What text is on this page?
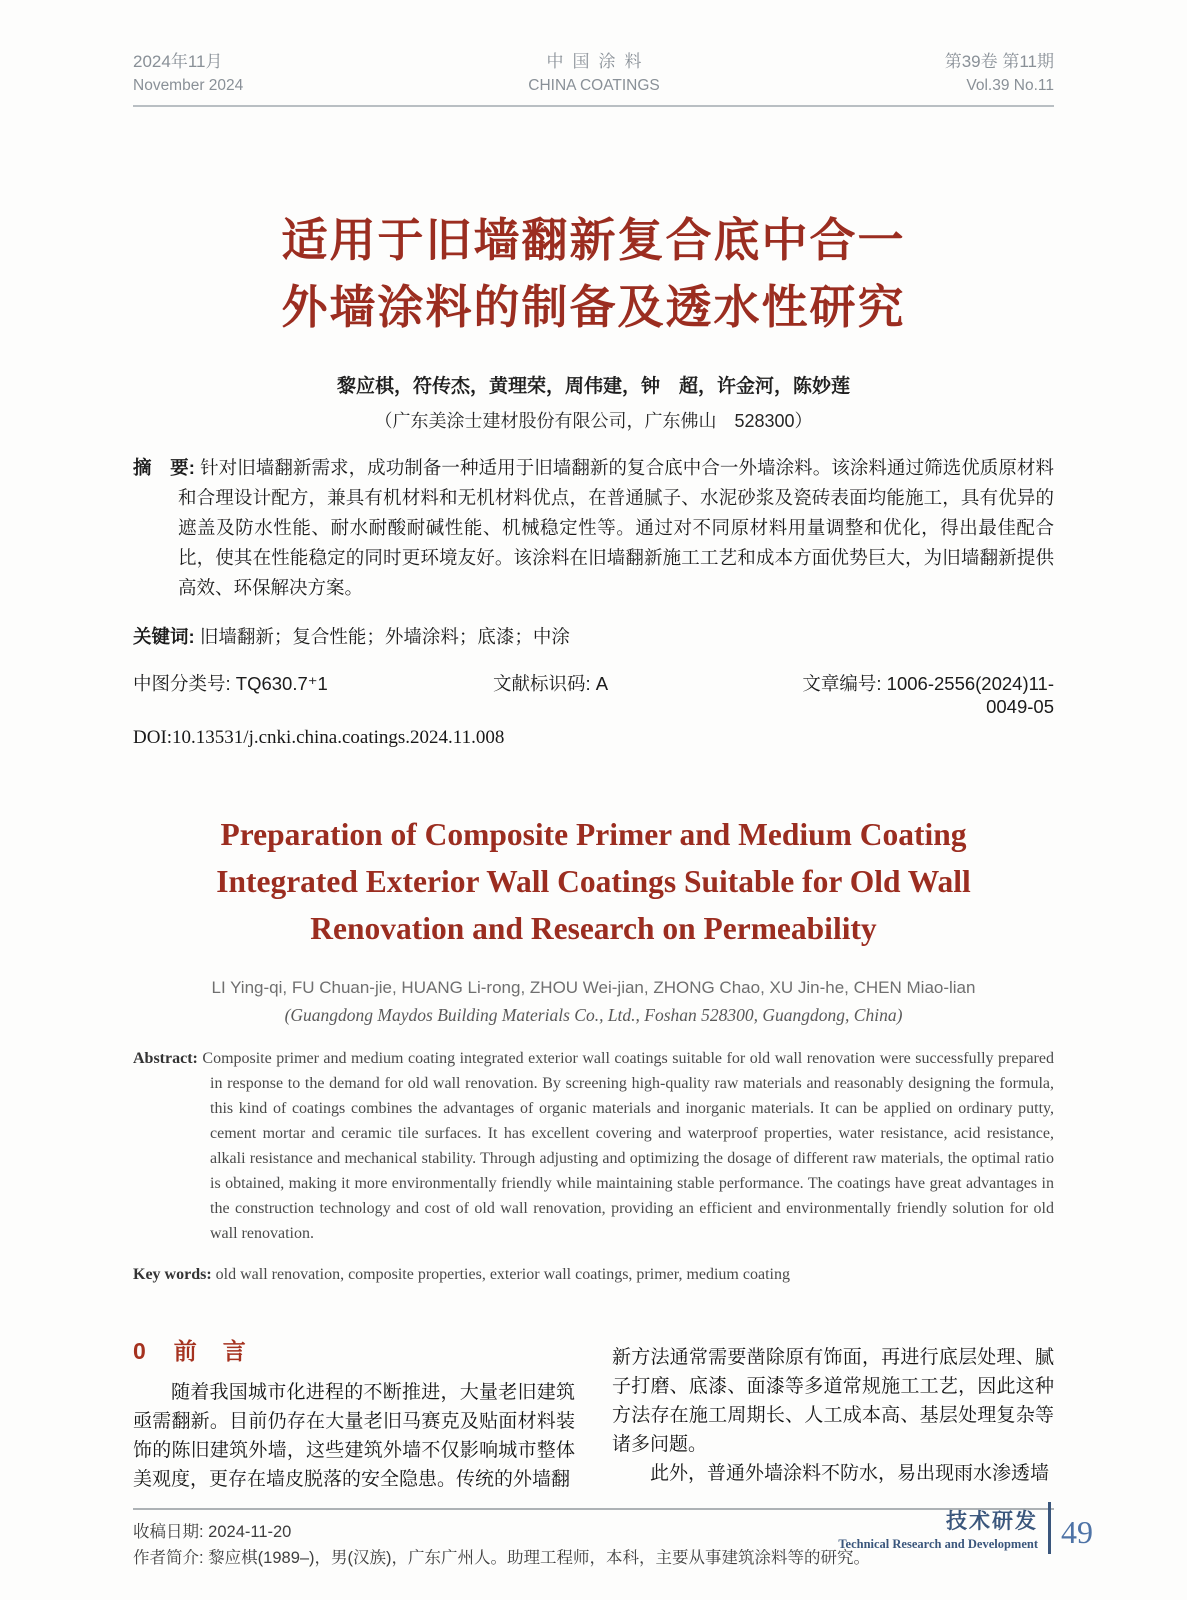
2024年11月
November 2024
中国涂料
CHINA COATINGS
第39卷 第11期
Vol.39 No.11
适用于旧墙翻新复合底中合一
外墙涂料的制备及透水性研究
黎应棋，符传杰，黄理荣，周伟建，钟　超，许金河，陈妙莲
（广东美涂士建材股份有限公司，广东佛山　528300）

摘　要: 针对旧墙翻新需求，成功制备一种适用于旧墙翻新的复合底中合一外墙涂料。该涂料通过筛选优质原材料和合理设计配方，兼具有机材料和无机材料优点，在普通腻子、水泥砂浆及瓷砖表面均能施工，具有优异的遮盖及防水性能、耐水耐酸耐碱性能、机械稳定性等。通过对不同原材料用量调整和优化，得出最佳配合比，使其在性能稳定的同时更环境友好。该涂料在旧墙翻新施工工艺和成本方面优势巨大，为旧墙翻新提供高效、环保解决方案。

关键词: 旧墙翻新；复合性能；外墙涂料；底漆；中涂

中图分类号: TQ630.7⁺1	文献标识码: A	文章编号: 1006-2556(2024)11-0049-05
DOI:10.13531/j.cnki.china.coatings.2024.11.008
Preparation of Composite Primer and Medium Coating
Integrated Exterior Wall Coatings Suitable for Old Wall
Renovation and Research on Permeability
LI Ying-qi, FU Chuan-jie, HUANG Li-rong, ZHOU Wei-jian, ZHONG Chao, XU Jin-he, CHEN Miao-lian
(Guangdong Maydos Building Materials Co., Ltd., Foshan 528300, Guangdong, China)

Abstract: Composite primer and medium coating integrated exterior wall coatings suitable for old wall renovation were successfully prepared in response to the demand for old wall renovation. By screening high-quality raw materials and reasonably designing the formula, this kind of coatings combines the advantages of organic materials and inorganic materials. It can be applied on ordinary putty, cement mortar and ceramic tile surfaces. It has excellent covering and waterproof properties, water resistance, acid resistance, alkali resistance and mechanical stability. Through adjusting and optimizing the dosage of different raw materials, the optimal ratio is obtained, making it more environmentally friendly while maintaining stable performance. The coatings have great advantages in the construction technology and cost of old wall renovation, providing an efficient and environmentally friendly solution for old wall renovation.

Key words: old wall renovation, composite properties, exterior wall coatings, primer, medium coating

0 前言

随着我国城市化进程的不断推进，大量老旧建筑亟需翻新。目前仍存在大量老旧马赛克及贴面材料装饰的陈旧建筑外墙，这些建筑外墙不仅影响城市整体美观度，更存在墙皮脱落的安全隐患。传统的外墙翻

新方法通常需要凿除原有饰面，再进行底层处理、腻子打磨、底漆、面漆等多道常规施工工艺，因此这种方法存在施工周期长、人工成本高、基层处理复杂等诸多问题。

此外，普通外墙涂料不防水，易出现雨水渗透墙

收稿日期: 2024-11-20
作者简介: 黎应棋(1989–)，男(汉族)，广东广州人。助理工程师，本科，主要从事建筑涂料等的研究。
技术研发
Technical Research and Development 49
